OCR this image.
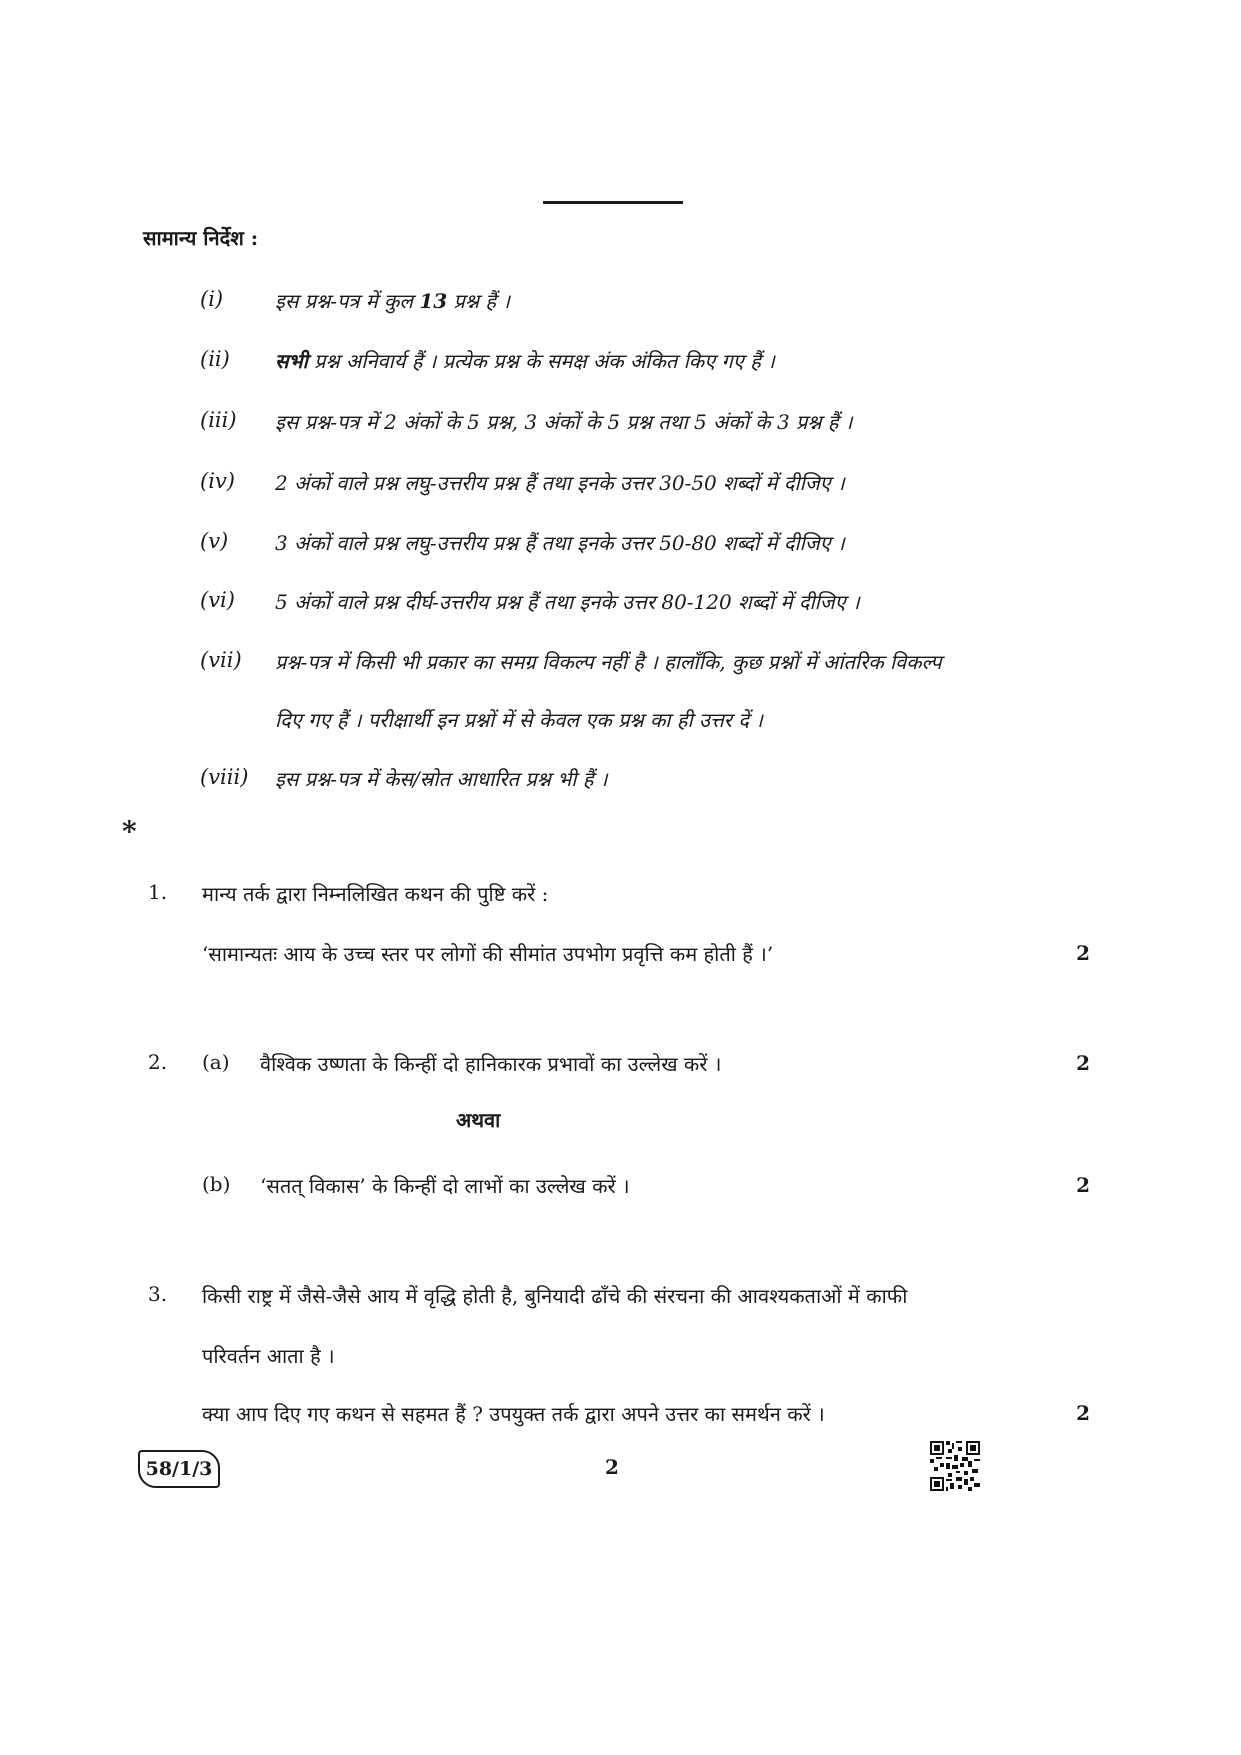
सामान्य निर्देश :
(i)	इस प्रश्न-पत्र में कुल 13 प्रश्न हैं ।
(ii) सभी प्रश्न अनिवार्य हैं । प्रत्येक प्रश्न के समक्ष अंक अंकित किए गए हैं ।
(iii) इस प्रश्न-पत्र में 2 अंकों के 5 प्रश्न, 3 अंकों के 5 प्रश्न तथा 5 अंकों के 3 प्रश्न हैं ।
(iv) 2 अंकों वाले प्रश्न लघु-उत्तरीय प्रश्न हैं तथा इनके उत्तर 30-50 शब्दों में दीजिए ।
(v) 3 अंकों वाले प्रश्न लघु-उत्तरीय प्रश्न हैं तथा इनके उत्तर 50-80 शब्दों में दीजिए ।
(vi) 5 अंकों वाले प्रश्न दीर्घ-उत्तरीय प्रश्न हैं तथा इनके उत्तर 80-120 शब्दों में दीजिए ।
(vii) प्रश्न-पत्र में किसी भी प्रकार का समग्र विकल्प नहीं है । हालाँकि, कुछ प्रश्नों में आंतरिक विकल्प
दिए गए हैं । परीक्षार्थी इन प्रश्नों में से केवल एक प्रश्न का ही उत्तर दें ।
(viii) इस प्रश्न-पत्र में केस/स्रोत आधारित प्रश्न भी हैं ।
*
1. मान्य तर्क द्वारा निम्नलिखित कथन की पुष्टि करें :
‘सामान्यतः आय के उच्च स्तर पर लोगों की सीमांत उपभोग प्रवृत्ति कम होती हैं ।’	2
2. (a) वैश्विक उष्णता के किन्हीं दो हानिकारक प्रभावों का उल्लेख करें ।	2
अथवा
(b) ‘सतत् विकास’ के किन्हीं दो लाभों का उल्लेख करें ।	2
3. किसी राष्ट्र में जैसे-जैसे आय में वृद्धि होती है, बुनियादी ढाँचे की संरचना की आवश्यकताओं में काफी
परिवर्तन आता है ।
क्या आप दिए गए कथन से सहमत हैं ? उपयुक्त तर्क द्वारा अपने उत्तर का समर्थन करें ।	2
58/1/3	2
